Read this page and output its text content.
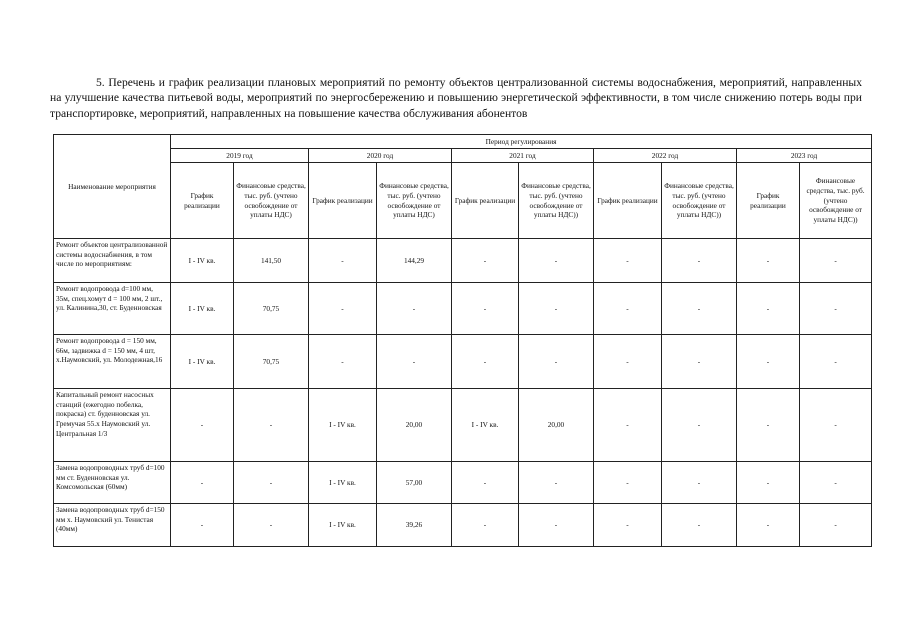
5. Перечень и график реализации плановых мероприятий по ремонту объектов централизованной системы водоснабжения, мероприятий, направленных на улучшение качества питьевой воды, мероприятий по энергосбережению и повышению энергетической эффективности, в том числе снижению потерь воды при транспортировке, мероприятий, направленных на повышение качества обслуживания абонентов
Наименование мероприятия	Период регулирования									
	2019 год		2020 год		2021 год		2022 год		2023 год	
	График реализации	Финансовые средства, тыс. руб. (учтено освобождение от уплаты НДС)	График реализации	Финансовые средства, тыс. руб. (учтено освобождение от уплаты НДС)	График реализации	Финансовые средства, тыс. руб. (учтено освобождение от уплаты НДС))	График реализации	Финансовые средства, тыс. руб. (учтено освобождение от уплаты НДС))	График реализации	Финансовые средства, тыс. руб. (учтено освобождение от уплаты НДС))
Ремонт объектов централизованной системы водоснабжения, в том числе по мероприятиям:	I - IV кв.	141,50	-	144,29	-	-	-	-	-	-
Ремонт водопровода d=100 мм, 35м, спец.хомут d = 100 мм, 2 шт., ул. Калинина,30, ст. Буденновская	I - IV кв.	70,75	-	-	-	-	-	-	-	-
Ремонт водопровода d = 150 мм, 66м, задвижка d = 150 мм, 4 шт, х.Наумовский, ул. Молодежная,16	I - IV кв.	70,75	-	-	-	-	-	-	-	-
Капитальный ремонт насосных станций (ежегодно побелка, покраска) ст. буденновская ул. Гремучая 55.х Наумовский ул. Центральная 1/3	-	-	I - IV кв.	20,00	I - IV кв.	20,00	-	-	-	-
Замена водопроводных труб d=100 мм ст. Буденновская ул. Комсомольская (60мм)	-	-	I - IV кв.	57,00	-	-	-	-	-	-
Замена водопроводных труб d=150 мм х. Наумовский ул. Тенистая (40мм)	-	-	I - IV кв.	39,26	-	-	-	-	-	-
